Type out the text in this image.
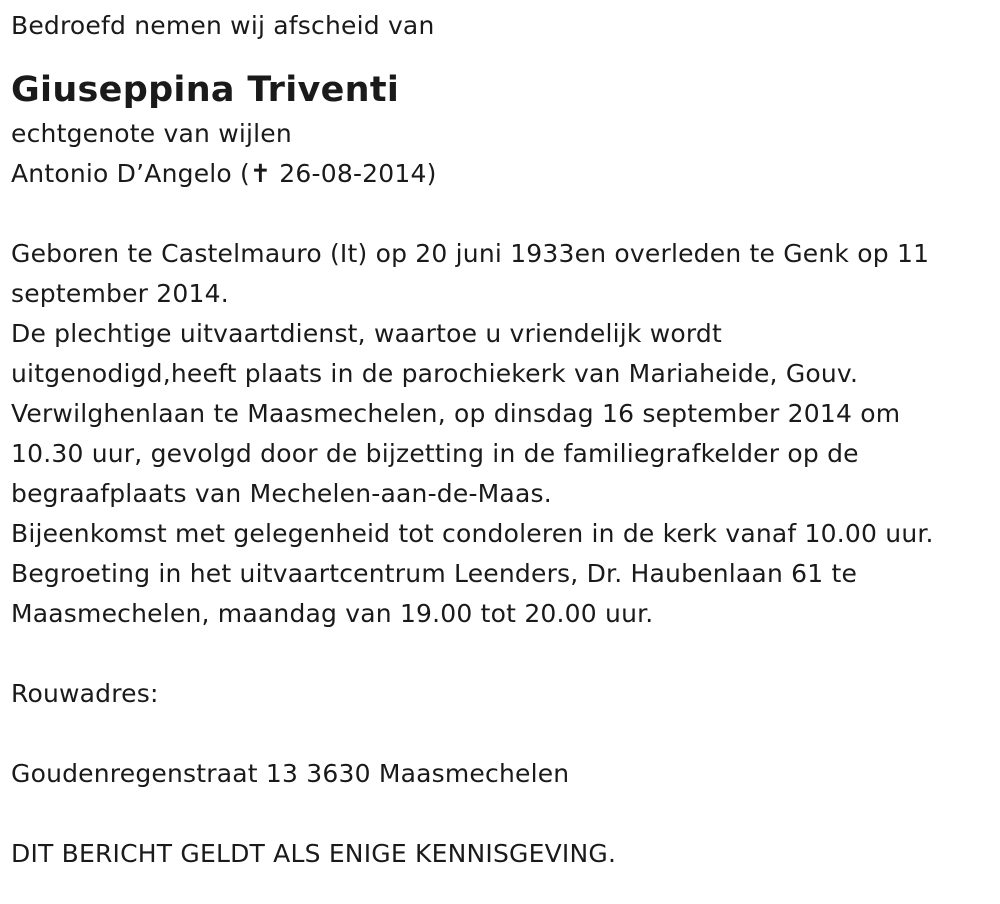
Bedroefd nemen wij afscheid van
Giuseppina Triventi
echtgenote van wijlen
Antonio D’Angelo (✝ 26-08-2014)
Geboren te Castelmauro (It) op 20 juni 1933en overleden te Genk op 11
september 2014.
De plechtige uitvaartdienst, waartoe u vriendelijk wordt
uitgenodigd,heeft plaats in de parochiekerk van Mariaheide, Gouv.
Verwilghenlaan te Maasmechelen, op dinsdag 16 september 2014 om
10.30 uur, gevolgd door de bijzetting in de familiegrafkelder op de
begraafplaats van Mechelen-aan-de-Maas.
Bijeenkomst met gelegenheid tot condoleren in de kerk vanaf 10.00 uur.
Begroeting in het uitvaartcentrum Leenders, Dr. Haubenlaan 61 te
Maasmechelen, maandag van 19.00 tot 20.00 uur.
Rouwadres:
Goudenregenstraat 13 3630 Maasmechelen
DIT BERICHT GELDT ALS ENIGE KENNISGEVING.
